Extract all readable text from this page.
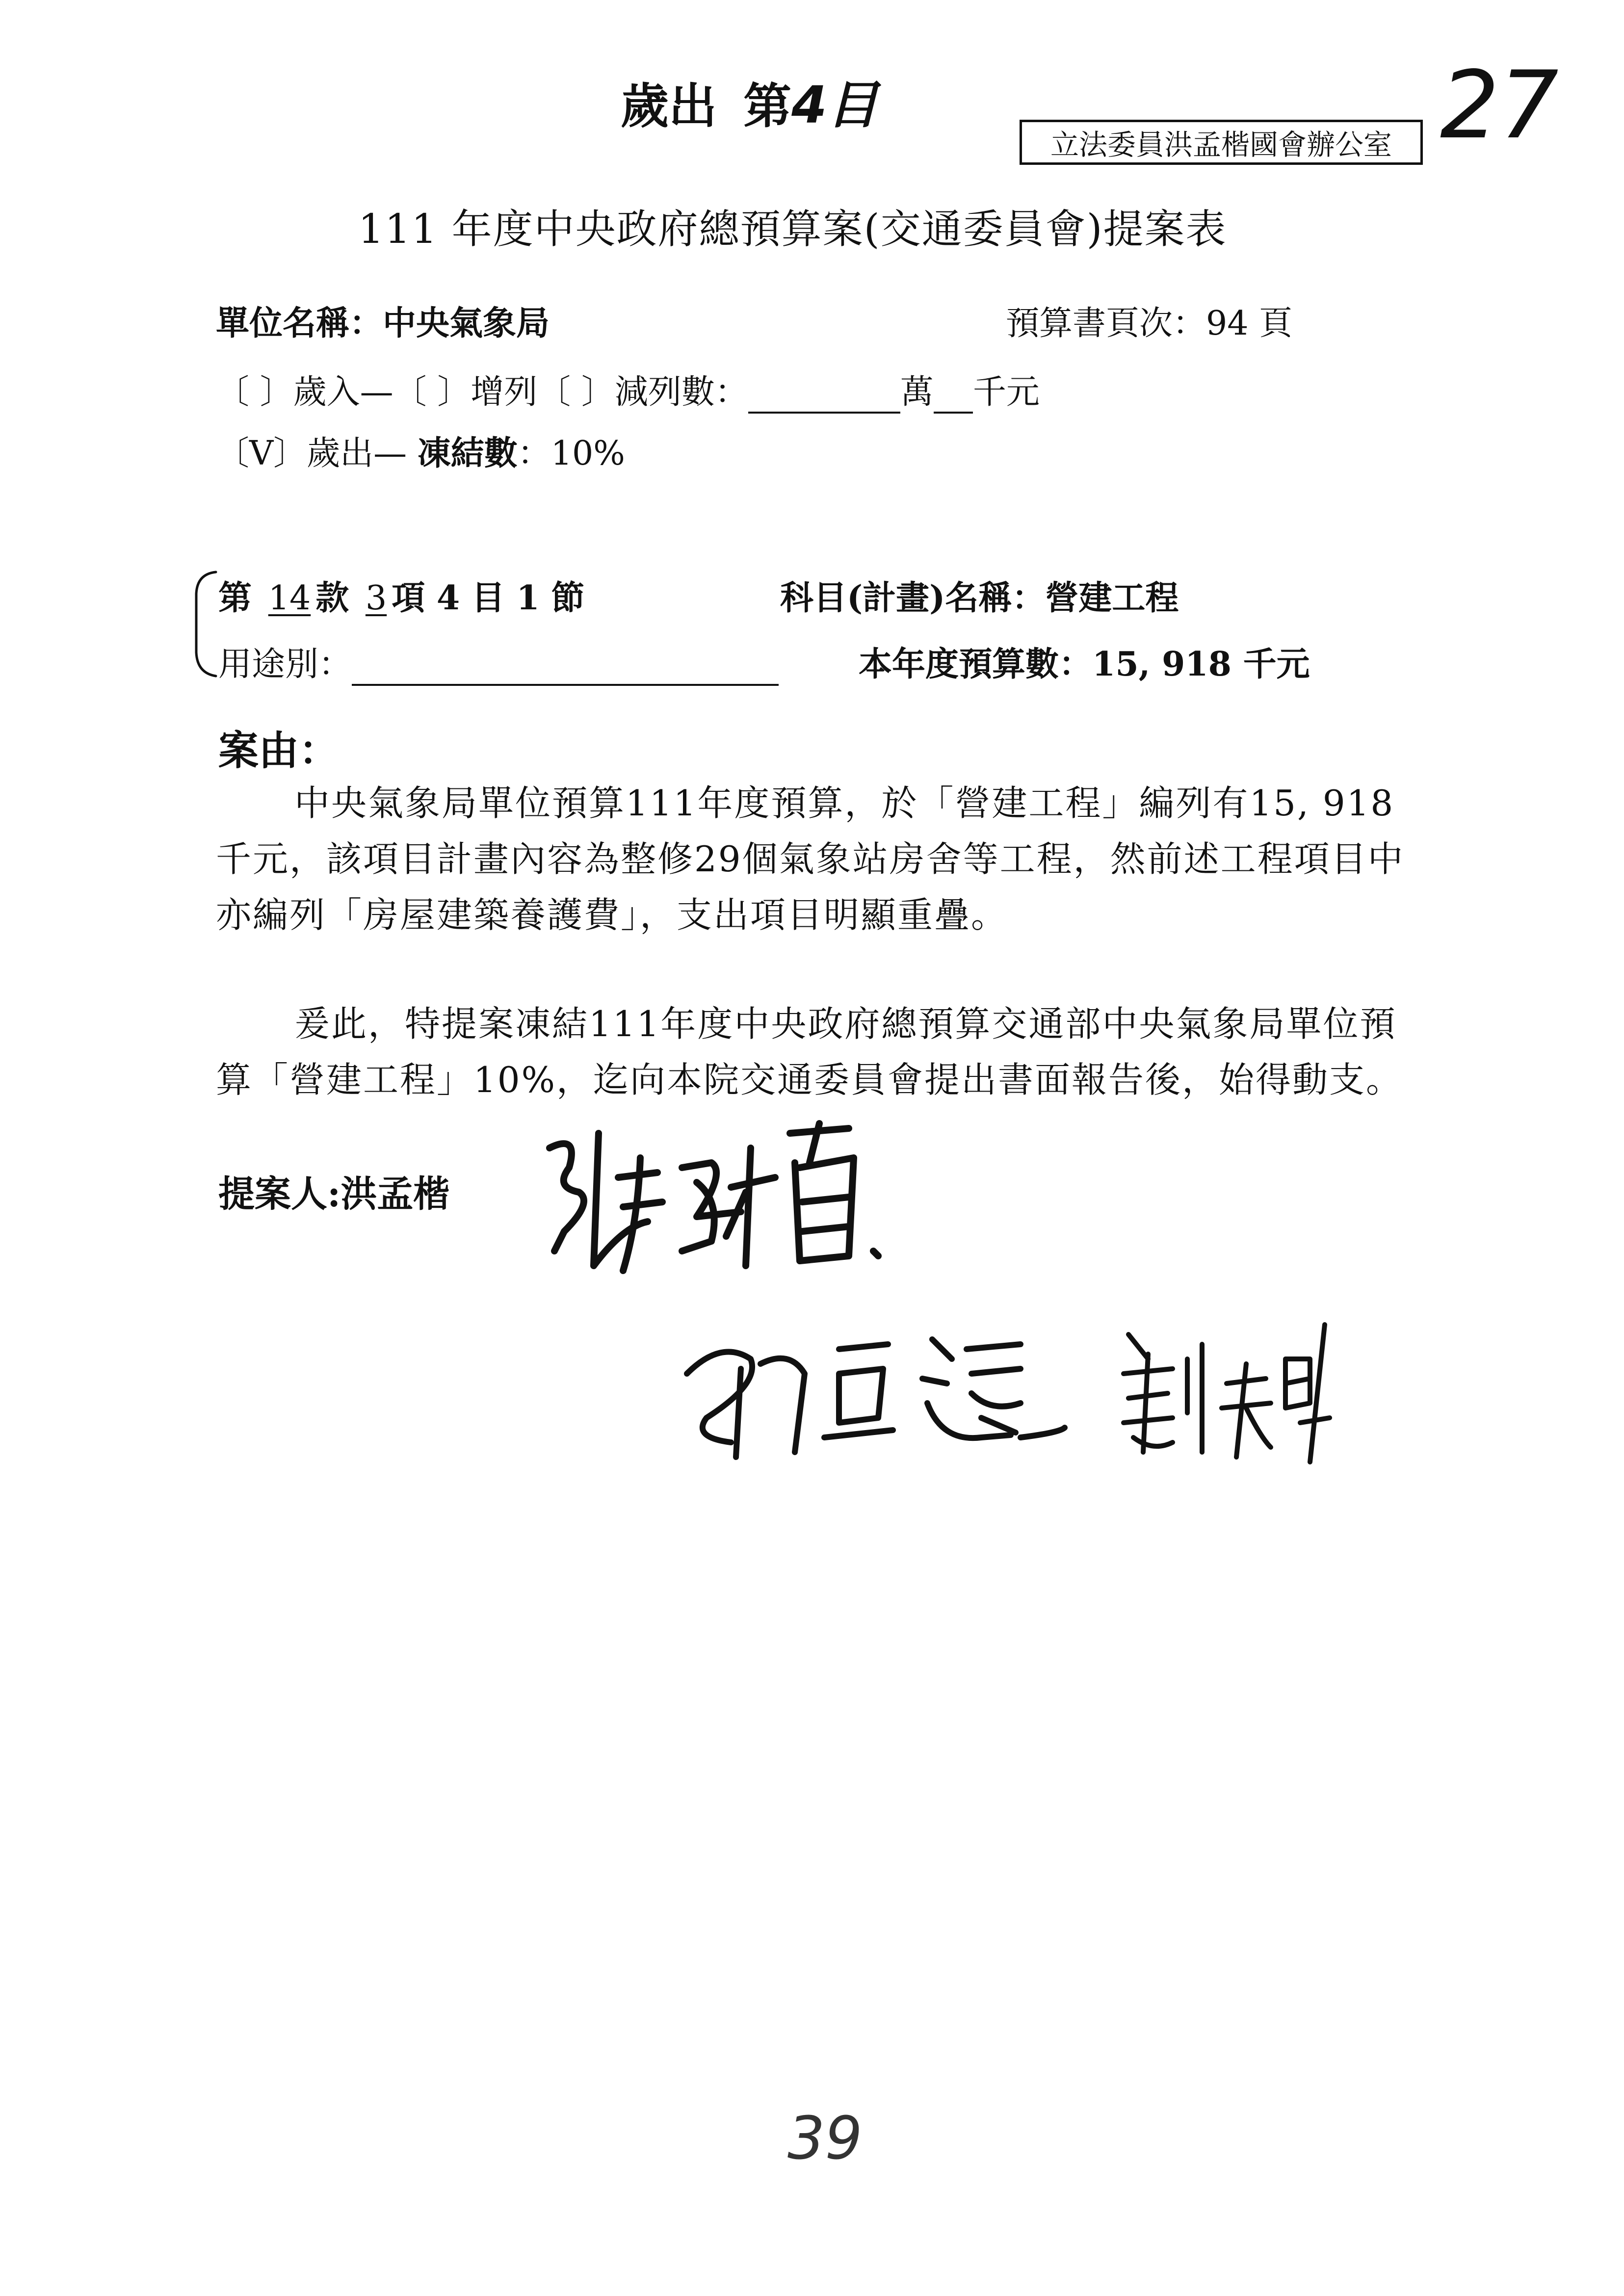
歲出 第4目
立法委員洪孟楷國會辦公室 27
111 年度中央政府總預算案(交通委員會)提案表
單位名稱：中央氣象局	預算書頁次：94 頁
〔 〕歲入—〔 〕增列〔 〕減列數：	萬 千元
〔V〕歲出— 凍結數：10%
第 14 款 3 項 4 目 1 節	科目(計畫)名稱：營建工程
用途別：	本年度預算數：15, 918 千元
案由：

中央氣象局單位預算111年度預算，於「營建工程」編列有15, 918千元，該項目計畫內容為整修29個氣象站房舍等工程，然前述工程項目中亦編列「房屋建築養護費」，支出項目明顯重疊。

爰此，特提案凍結111年度中央政府總預算交通部中央氣象局單位預算「營建工程」10%，迄向本院交通委員會提出書面報告後，始得動支。

提案人:洪孟楷
39
